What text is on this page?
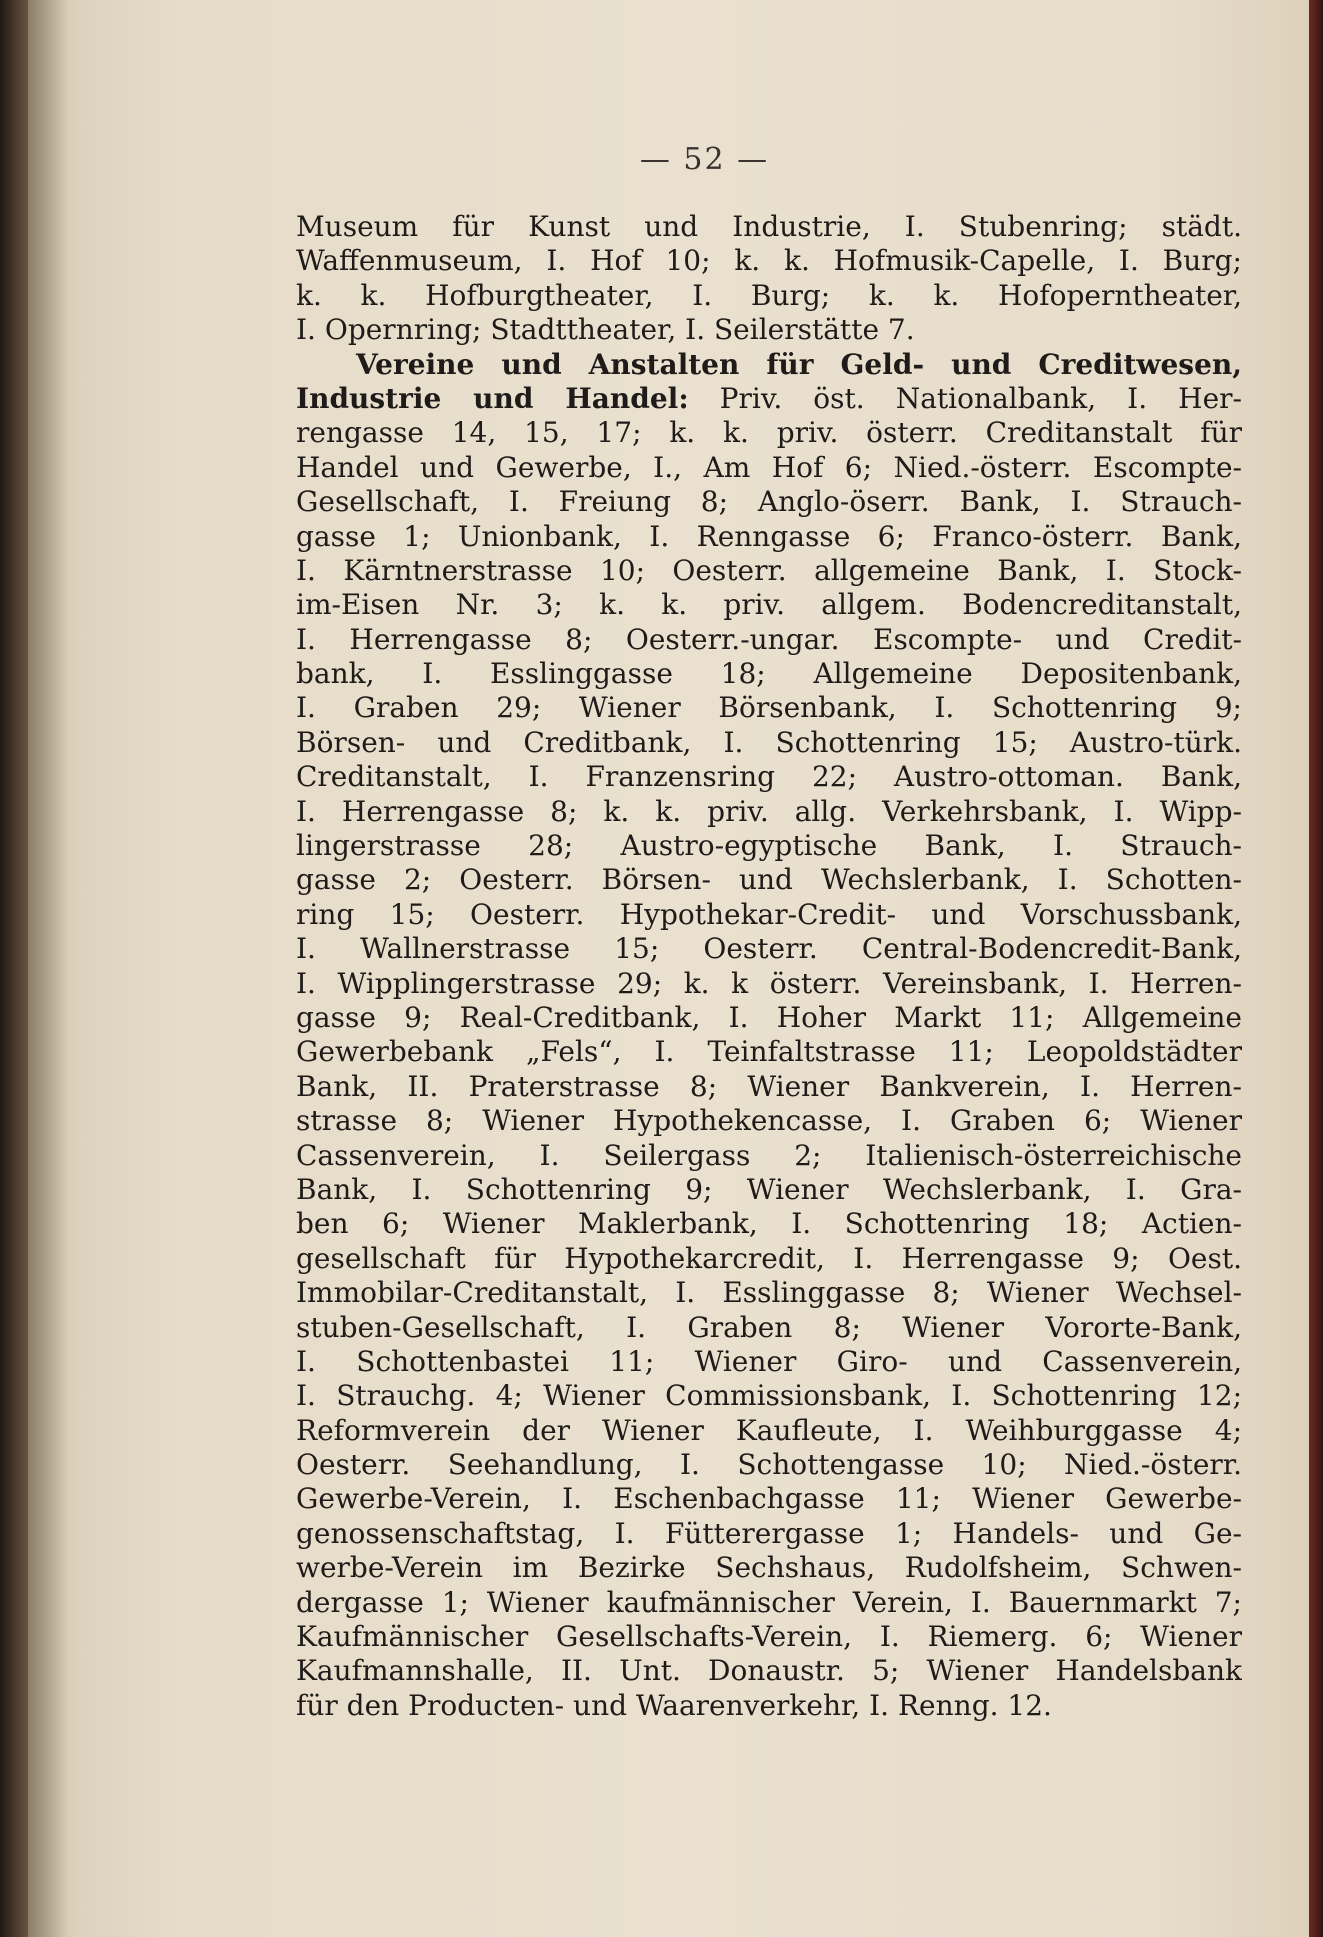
— 52 —
Museum für Kunst und Industrie, I. Stubenring; städt.
Waffenmuseum, I. Hof 10; k. k. Hofmusik-Capelle, I. Burg;
k. k. Hofburgtheater, I. Burg; k. k. Hofoperntheater,
I. Opernring; Stadttheater, I. Seilerstätte 7.
Vereine und Anstalten für Geld- und Creditwesen,
Industrie und Handel: Priv. öst. Nationalbank, I. Her-
rengasse 14, 15, 17; k. k. priv. österr. Creditanstalt für
Handel und Gewerbe, I., Am Hof 6; Nied.-österr. Escompte-
Gesellschaft, I. Freiung 8; Anglo-öserr. Bank, I. Strauch-
gasse 1; Unionbank, I. Renngasse 6; Franco-österr. Bank,
I. Kärntnerstrasse 10; Oesterr. allgemeine Bank, I. Stock-
im-Eisen Nr. 3; k. k. priv. allgem. Bodencreditanstalt,
I. Herrengasse 8; Oesterr.-ungar. Escompte- und Credit-
bank, I. Esslinggasse 18; Allgemeine Depositenbank,
I. Graben 29; Wiener Börsenbank, I. Schottenring 9;
Börsen- und Creditbank, I. Schottenring 15; Austro-türk.
Creditanstalt, I. Franzensring 22; Austro-ottoman. Bank,
I. Herrengasse 8; k. k. priv. allg. Verkehrsbank, I. Wipp-
lingerstrasse 28; Austro-egyptische Bank, I. Strauch-
gasse 2; Oesterr. Börsen- und Wechslerbank, I. Schotten-
ring 15; Oesterr. Hypothekar-Credit- und Vorschussbank,
I. Wallnerstrasse 15; Oesterr. Central-Bodencredit-Bank,
I. Wipplingerstrasse 29; k. k österr. Vereinsbank, I. Herren-
gasse 9; Real-Creditbank, I. Hoher Markt 11; Allgemeine
Gewerbebank „Fels“, I. Teinfaltstrasse 11; Leopoldstädter
Bank, II. Praterstrasse 8; Wiener Bankverein, I. Herren-
strasse 8; Wiener Hypothekencasse, I. Graben 6; Wiener
Cassenverein, I. Seilergass 2; Italienisch-österreichische
Bank, I. Schottenring 9; Wiener Wechslerbank, I. Gra-
ben 6; Wiener Maklerbank, I. Schottenring 18; Actien-
gesellschaft für Hypothekarcredit, I. Herrengasse 9; Oest.
Immobilar-Creditanstalt, I. Esslinggasse 8; Wiener Wechsel-
stuben-Gesellschaft, I. Graben 8; Wiener Vororte-Bank,
I. Schottenbastei 11; Wiener Giro- und Cassenverein,
I. Strauchg. 4; Wiener Commissionsbank, I. Schottenring 12;
Reformverein der Wiener Kaufleute, I. Weihburggasse 4;
Oesterr. Seehandlung, I. Schottengasse 10; Nied.-österr.
Gewerbe-Verein, I. Eschenbachgasse 11; Wiener Gewerbe-
genossenschaftstag, I. Fütterergasse 1; Handels- und Ge-
werbe-Verein im Bezirke Sechshaus, Rudolfsheim, Schwen-
dergasse 1; Wiener kaufmännischer Verein, I. Bauernmarkt 7;
Kaufmännischer Gesellschafts-Verein, I. Riemerg. 6; Wiener
Kaufmannshalle, II. Unt. Donaustr. 5; Wiener Handelsbank
für den Producten- und Waarenverkehr, I. Renng. 12.
